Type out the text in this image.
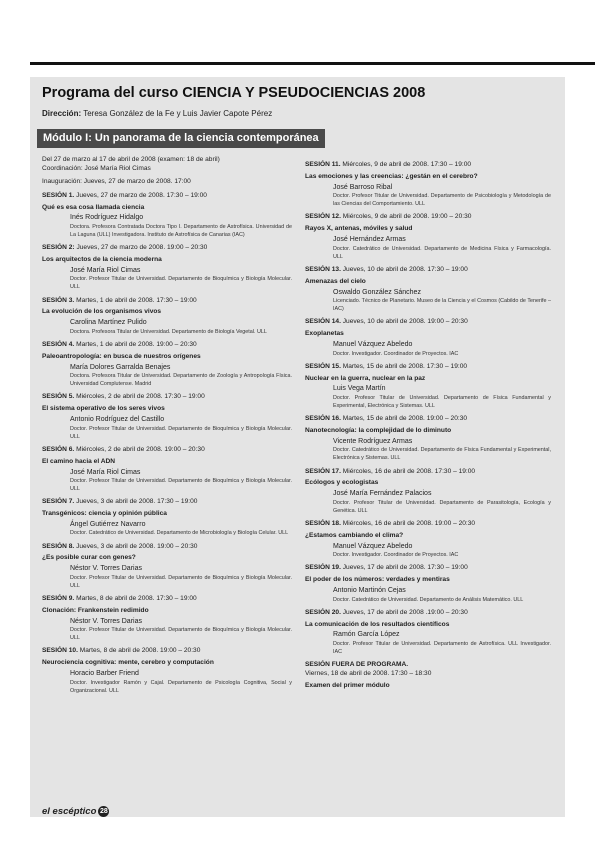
Programa del curso CIENCIA Y PSEUDOCIENCIAS 2008
Dirección: Teresa González de la Fe y Luis Javier Capote Pérez
Módulo I: Un panorama de la ciencia contemporánea
Del 27 de marzo al 17 de abril de 2008 (examen: 18 de abril)
Coordinación: José María Riol Cimas
Inauguración: Jueves, 27 de marzo de 2008. 17:00
SESIÓN 1. Jueves, 27 de marzo de 2008. 17:30 – 19:00
Qué es esa cosa llamada ciencia
Inés Rodríguez Hidalgo
Doctora. Profesora Contratada Doctora Tipo I. Departamento de Astrofísica. Universidad de La Laguna (ULL) Investigadora. Instituto de Astrofísica de Canarias (IAC)
SESIÓN 2: Jueves, 27 de marzo de 2008. 19:00 – 20:30
Los arquitectos de la ciencia moderna
José María Riol Cimas
Doctor. Profesor Titular de Universidad. Departamento de Bioquímica y Biología Molecular. ULL
SESIÓN 3. Martes, 1 de abril de 2008. 17:30 – 19:00
La evolución de los organismos vivos
Carolina Martínez Pulido
Doctora. Profesora Titular de Universidad. Departamento de Biología Vegetal. ULL
SESIÓN 4. Martes, 1 de abril de 2008. 19:00 – 20:30
Paleoantropología: en busca de nuestros orígenes
María Dolores Garralda Benajes
Doctora. Profesora Titular de Universidad. Departamento de Zoología y Antropología Física. Universidad Complutense. Madrid
SESIÓN 5. Miércoles, 2 de abril de 2008. 17:30 – 19:00
El sistema operativo de los seres vivos
Antonio Rodríguez del Castillo
Doctor. Profesor Titular de Universidad. Departamento de Bioquímica y Biología Molecular. ULL
SESIÓN 6. Miércoles, 2 de abril de 2008. 19:00 – 20:30
El camino hacia el ADN
José María Riol Cimas
Doctor. Profesor Titular de Universidad. Departamento de Bioquímica y Biología Molecular. ULL
SESIÓN 7. Jueves, 3 de abril de 2008. 17:30 – 19:00
Transgénicos: ciencia y opinión pública
Ángel Gutiérrez Navarro
Doctor. Catedrático de Universidad. Departamento de Microbiología y Biología Celular. ULL
SESIÓN 8. Jueves, 3 de abril de 2008. 19:00 – 20:30
¿Es posible curar con genes?
Néstor V. Torres Darias
Doctor. Profesor Titular de Universidad. Departamento de Bioquímica y Biología Molecular. ULL
SESIÓN 9. Martes, 8 de abril de 2008. 17:30 – 19:00
Clonación: Frankenstein redimido
Néstor V. Torres Darias
Doctor. Profesor Titular de Universidad. Departamento de Bioquímica y Biología Molecular. ULL
SESIÓN 10. Martes, 8 de abril de 2008. 19:00 – 20:30
Neurociencia cognitiva: mente, cerebro y computación
Horacio Barber Friend
Doctor. Investigador Ramón y Cajal. Departamento de Psicología Cognitiva, Social y Organizacional. ULL
SESIÓN 11. Miércoles, 9 de abril de 2008. 17:30 – 19:00
Las emociones y las creencias: ¿gestán en el cerebro?
José Barroso Ribal
Doctor. Profesor Titular de Universidad. Departamento de Psicobiología y Metodología de las Ciencias del Comportamiento. ULL
SESIÓN 12. Miércoles, 9 de abril de 2008. 19:00 – 20:30
Rayos X, antenas, móviles y salud
José Hernández Armas
Doctor. Catedrático de Universidad. Departamento de Medicina Física y Farmacología. ULL
SESIÓN 13. Jueves, 10 de abril de 2008. 17:30 – 19:00
Amenazas del cielo
Oswaldo González Sánchez
Licenciado. Técnico de Planetario. Museo de la Ciencia y el Cosmos (Cabildo de Tenerife – IAC)
SESIÓN 14. Jueves, 10 de abril de 2008. 19:00 – 20:30
Exoplanetas
Manuel Vázquez Abeledo
Doctor. Investigador. Coordinador de Proyectos. IAC
SESIÓN 15. Martes, 15 de abril de 2008. 17:30 – 19:00
Nuclear en la guerra, nuclear en la paz
Luis Vega Martín
Doctor. Profesor Titular de Universidad. Departamento de Física Fundamental y Experimental, Electrónica y Sistemas. ULL
SESIÓN 16. Martes, 15 de abril de 2008. 19:00 – 20:30
Nanotecnología: la complejidad de lo diminuto
Vicente Rodríguez Armas
Doctor. Catedrático de Universidad. Departamento de Física Fundamental y Experimental, Electrónica y Sistemas. ULL
SESIÓN 17. Miércoles, 16 de abril de 2008. 17:30 – 19:00
Ecólogos y ecologistas
José María Fernández Palacios
Doctor. Profesor Titular de Universidad. Departamento de Parasitología, Ecología y Genética. ULL
SESIÓN 18. Miércoles, 16 de abril de 2008. 19:00 – 20:30
¿Estamos cambiando el clima?
Manuel Vázquez Abeledo
Doctor. Investigador. Coordinador de Proyectos. IAC
SESIÓN 19. Jueves, 17 de abril de 2008. 17:30 – 19:00
El poder de los números: verdades y mentiras
Antonio Martinón Cejas
Doctor. Catedrático de Universidad. Departamento de Análisis Matemático. ULL
SESIÓN 20. Jueves, 17 de abril de 2008 .19:00 – 20:30
La comunicación de los resultados científicos
Ramón García López
Doctor. Profesor Titular de Universidad. Departamento de Astrofísica. ULL Investigador. IAC
SESIÓN FUERA DE PROGRAMA.
Viernes, 18 de abril de 2008. 17:30 – 18:30
Examen del primer módulo
el escéptico 28
